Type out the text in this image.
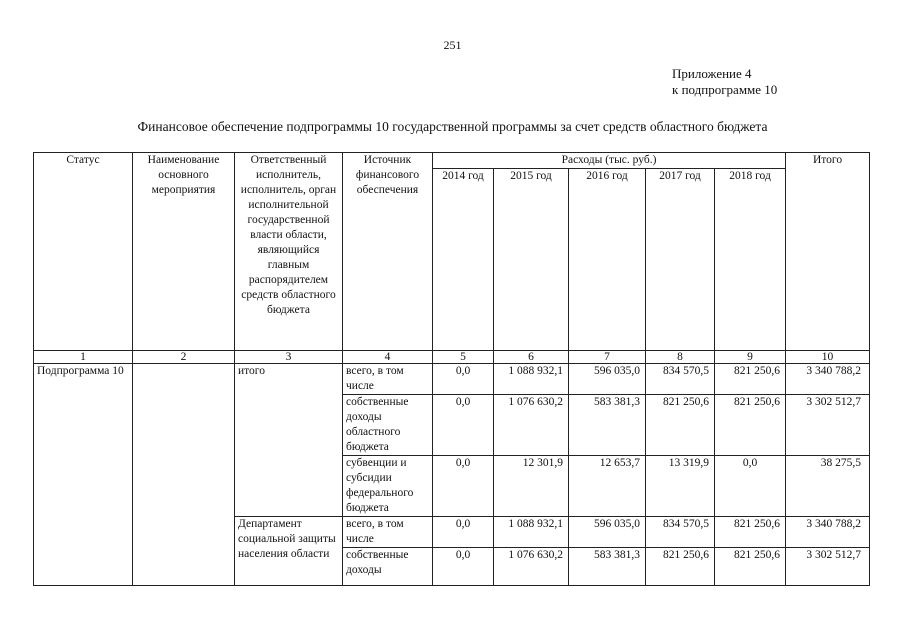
251
Приложение 4
к подпрограмме 10
Финансовое обеспечение подпрограммы 10 государственной программы за счет средств областного бюджета
Статус	Наименование основного мероприятия	Ответственный исполнитель, исполнитель, орган исполнительной государственной власти области, являющийся главным распорядителем средств областного бюджета	Источник финансового обеспечения	Расходы (тыс. руб.)					Итого
				2014 год	2015 год	2016 год	2017 год	2018 год	
1	2	3	4	5	6	7	8	9	10
Подпрограмма 10		итого	всего, в том числе	0,0	1 088 932,1	596 035,0	834 570,5	821 250,6	3 340 788,2
			собственные доходы областного бюджета	0,0	1 076 630,2	583 381,3	821 250,6	821 250,6	3 302 512,7
			субвенции и субсидии федерального бюджета	0,0	12 301,9	12 653,7	13 319,9	0,0	38 275,5
		Департамент социальной защиты населения области	всего, в том числе	0,0	1 088 932,1	596 035,0	834 570,5	821 250,6	3 340 788,2
			собственные доходы	0,0	1 076 630,2	583 381,3	821 250,6	821 250,6	3 302 512,7
